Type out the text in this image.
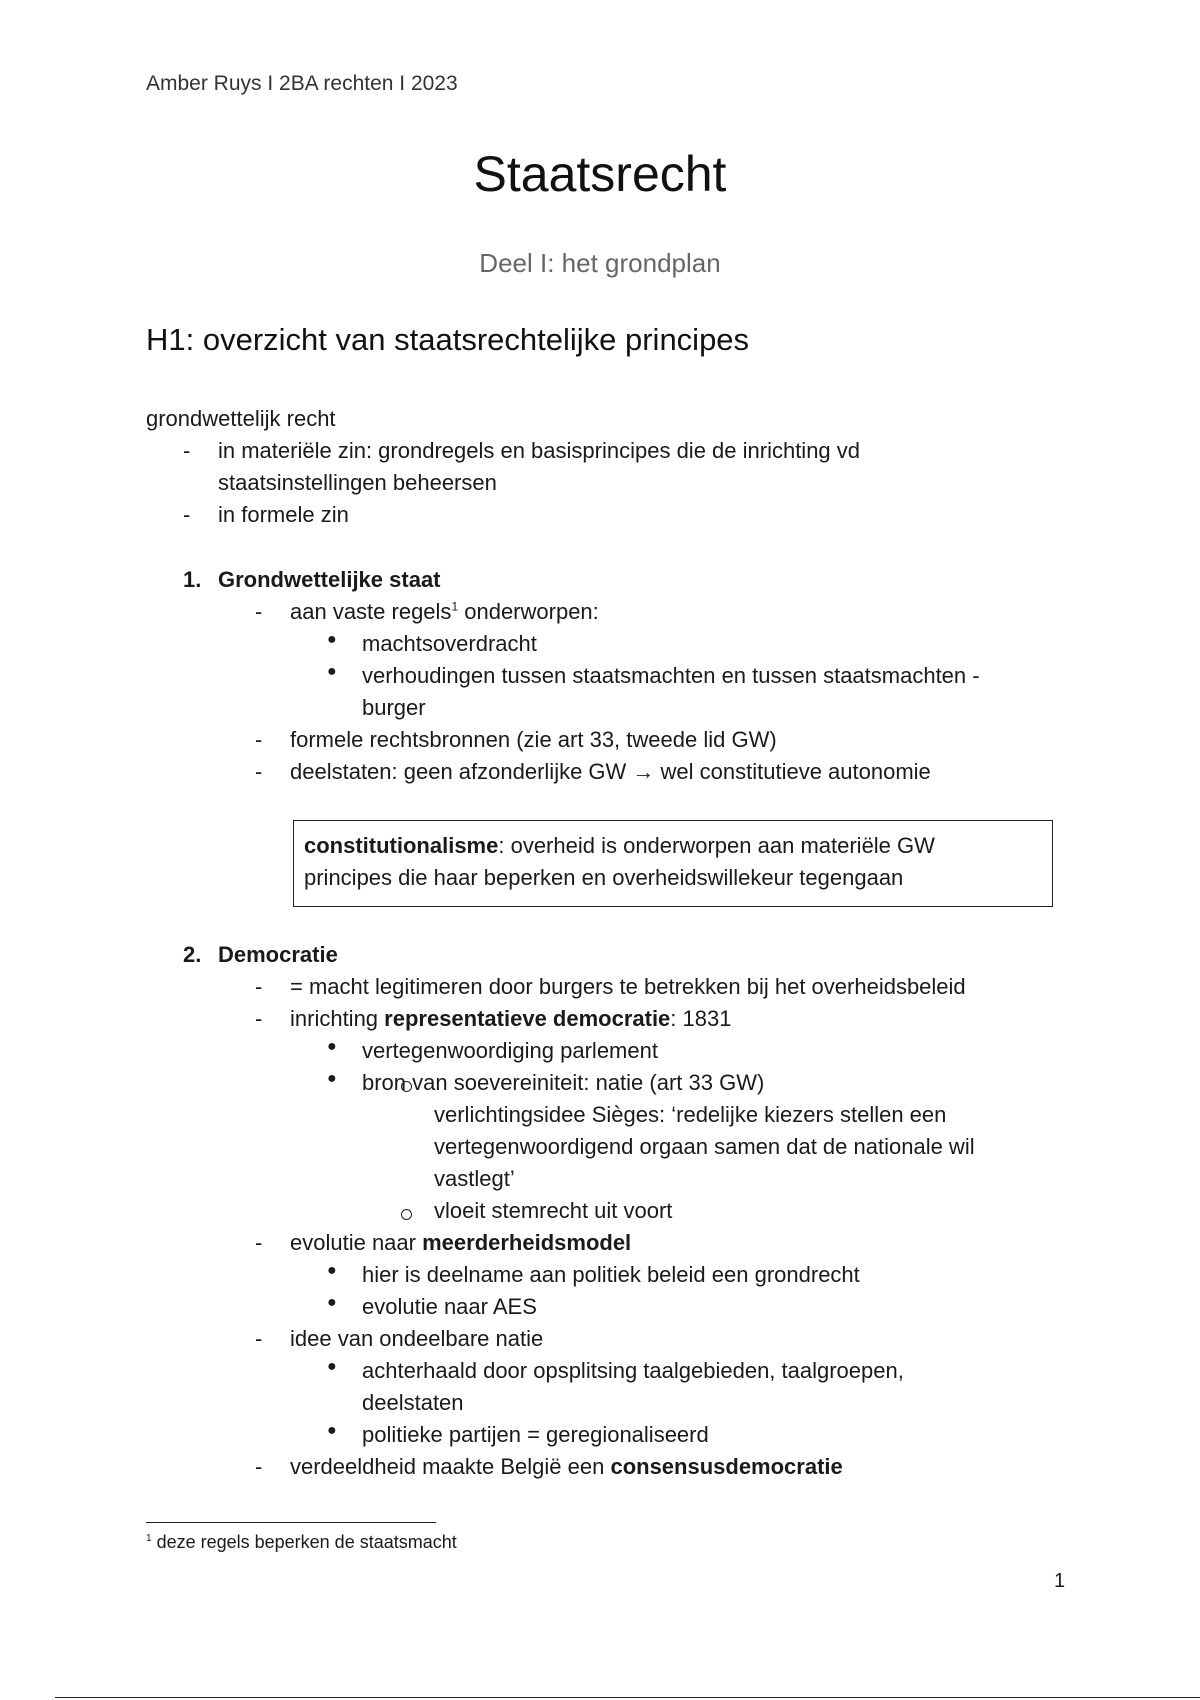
Amber Ruys I 2BA rechten I 2023
Staatsrecht
Deel I: het grondplan
H1: overzicht van staatsrechtelijke principes
grondwettelijk recht
- in materiële zin: grondregels en basisprincipes die de inrichting vd
staatsinstellingen beheersen
- in formele zin
1. Grondwettelijke staat
- aan vaste regels$^1$ onderworpen:
● machtsoverdracht
● verhoudingen tussen staatsmachten en tussen staatsmachten -
burger
- formele rechtsbronnen (zie art 33, tweede lid GW)
- deelstaten: geen afzonderlijke GW → wel constitutieve autonomie
constitutionalisme: overheid is onderworpen aan materiële GW
principes die haar beperken en overheidswillekeur tegengaan
2. Democratie
- = macht legitimeren door burgers te betrekken bij het overheidsbeleid
- inrichting representatieve democratie: 1831
● vertegenwoordiging parlement
● bron van soevereiniteit: natie (art 33 GW)
verlichtingsidee Sièges: ‘redelijke kiezers stellen een
vertegenwoordigend orgaan samen dat de nationale wil
vastlegt’
vloeit stemrecht uit voort
- evolutie naar meerderheidsmodel
● hier is deelname aan politiek beleid een grondrecht
● evolutie naar AES
- idee van ondeelbare natie
● achterhaald door opsplitsing taalgebieden, taalgroepen,
deelstaten
● politieke partijen = geregionaliseerd
- verdeeldheid maakte België een consensusdemocratie
$^1$ deze regels beperken de staatsmacht
1
